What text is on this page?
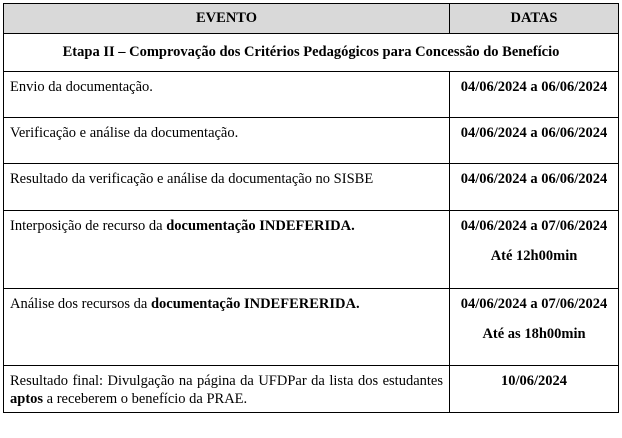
EVENTO	DATAS
Etapa II – Comprovação dos Critérios Pedagógicos para Concessão do Benefício	
Envio da documentação.	04/06/2024 a 06/06/2024
Verificação e análise da documentação.	04/06/2024 a 06/06/2024
Resultado da verificação e análise da documentação no SISBE	04/06/2024 a 06/06/2024
Interposição de recurso da documentação INDEFERIDA.	04/06/2024 a 07/06/2024
Até 12h00min

Análise dos recursos da documentação INDEFERERIDA.	04/06/2024 a 07/06/2024
Até as 18h00min

Resultado final: Divulgação na página da UFDPar da lista dos estudantes aptos a receberem o benefício da PRAE.	10/06/2024
